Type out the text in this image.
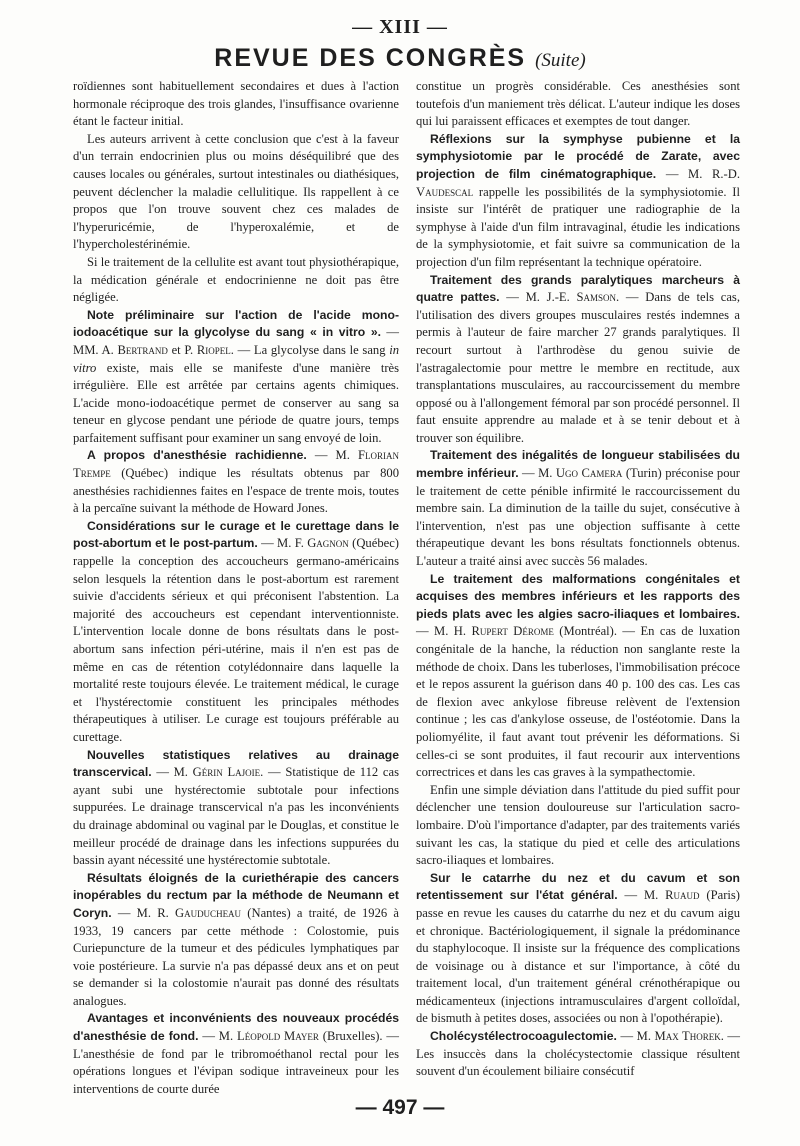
— XIII —
REVUE DES CONGRÈS (Suite)

roïdiennes sont habituellement secondaires et dues à l'action hormonale réciproque des trois glandes, l'insuffisance ovarienne étant le facteur initial.

Les auteurs arrivent à cette conclusion que c'est à la faveur d'un terrain endocrinien plus ou moins déséquilibré que des causes locales ou générales, surtout intestinales ou diathésiques, peuvent déclencher la maladie cellulitique. Ils rappellent à ce propos que l'on trouve souvent chez ces malades de l'hyperuricémie, de l'hyperoxalémie, et de l'hypercholestérinémie.

Si le traitement de la cellulite est avant tout physiothérapique, la médication générale et endocrinienne ne doit pas être négligée.

Note préliminaire sur l'action de l'acide mono-iodoacétique sur la glycolyse du sang « in vitro ». — MM. A. Bertrand et P. Riopel. — La glycolyse dans le sang in vitro existe, mais elle se manifeste d'une manière très irrégulière. Elle est arrêtée par certains agents chimiques. L'acide mono-iodoacétique permet de conserver au sang sa teneur en glycose pendant une période de quatre jours, temps parfaitement suffisant pour examiner un sang envoyé de loin.

A propos d'anesthésie rachidienne. — M. Florian Trempe (Québec) indique les résultats obtenus par 800 anesthésies rachidiennes faites en l'espace de trente mois, toutes à la percaïne suivant la méthode de Howard Jones.

Considérations sur le curage et le curettage dans le post-abortum et le post-partum. — M. F. Gagnon (Québec) rappelle la conception des accoucheurs germano-américains selon lesquels la rétention dans le post-abortum est rarement suivie d'accidents sérieux et qui préconisent l'abstention. La majorité des accoucheurs est cependant interventionniste. L'intervention locale donne de bons résultats dans le post-abortum sans infection péri-utérine, mais il n'en est pas de même en cas de rétention cotylédonnaire dans laquelle la mortalité reste toujours élevée. Le traitement médical, le curage et l'hystérectomie constituent les principales méthodes thérapeutiques à utiliser. Le curage est toujours préférable au curettage.

Nouvelles statistiques relatives au drainage transcervical. — M. Gérin Lajoie. — Statistique de 112 cas ayant subi une hystérectomie subtotale pour infections suppurées. Le drainage transcervical n'a pas les inconvénients du drainage abdominal ou vaginal par le Douglas, et constitue le meilleur procédé de drainage dans les infections suppurées du bassin ayant nécessité une hystérectomie subtotale.

Résultats éloignés de la curiethérapie des cancers inopérables du rectum par la méthode de Neumann et Coryn. — M. R. Gauducheau (Nantes) a traité, de 1926 à 1933, 19 cancers par cette méthode : Colostomie, puis Curiepuncture de la tumeur et des pédicules lymphatiques par voie postérieure. La survie n'a pas dépassé deux ans et on peut se demander si la colostomie n'aurait pas donné des résultats analogues.

Avantages et inconvénients des nouveaux procédés d'anesthésie de fond. — M. Léopold Mayer (Bruxelles). — L'anesthésie de fond par le tribromoéthanol rectal pour les opérations longues et l'évipan sodique intraveineux pour les interventions de courte durée

constitue un progrès considérable. Ces anesthésies sont toutefois d'un maniement très délicat. L'auteur indique les doses qui lui paraissent efficaces et exemptes de tout danger.

Réflexions sur la symphyse pubienne et la symphysiotomie par le procédé de Zarate, avec projection de film cinématographique. — M. R.-D. Vaudescal rappelle les possibilités de la symphysiotomie. Il insiste sur l'intérêt de pratiquer une radiographie de la symphyse à l'aide d'un film intravaginal, étudie les indications de la symphysiotomie, et fait suivre sa communication de la projection d'un film représentant la technique opératoire.

Traitement des grands paralytiques marcheurs à quatre pattes. — M. J.-E. Samson. — Dans de tels cas, l'utilisation des divers groupes musculaires restés indemnes a permis à l'auteur de faire marcher 27 grands paralytiques. Il recourt surtout à l'arthrodèse du genou suivie de l'astragalectomie pour mettre le membre en rectitude, aux transplantations musculaires, au raccourcissement du membre opposé ou à l'allongement fémoral par son procédé personnel. Il faut ensuite apprendre au malade et à se tenir debout et à trouver son équilibre.

Traitement des inégalités de longueur stabilisées du membre inférieur. — M. Ugo Camera (Turin) préconise pour le traitement de cette pénible infirmité le raccourcissement du membre sain. La diminution de la taille du sujet, consécutive à l'intervention, n'est pas une objection suffisante à cette thérapeutique devant les bons résultats fonctionnels obtenus. L'auteur a traité ainsi avec succès 56 malades.

Le traitement des malformations congénitales et acquises des membres inférieurs et les rapports des pieds plats avec les algies sacro-iliaques et lombaires. — M. H. Rupert Dérome (Montréal). — En cas de luxation congénitale de la hanche, la réduction non sanglante reste la méthode de choix. Dans les tuberloses, l'immobilisation précoce et le repos assurent la guérison dans 40 p. 100 des cas. Les cas de flexion avec ankylose fibreuse relèvent de l'extension continue ; les cas d'ankylose osseuse, de l'ostéotomie. Dans la poliomyélite, il faut avant tout prévenir les déformations. Si celles-ci se sont produites, il faut recourir aux interventions correctrices et dans les cas graves à la sympathectomie.

Enfin une simple déviation dans l'attitude du pied suffit pour déclencher une tension douloureuse sur l'articulation sacro-lombaire. D'où l'importance d'adapter, par des traitements variés suivant les cas, la statique du pied et celle des articulations sacro-iliaques et lombaires.

Sur le catarrhe du nez et du cavum et son retentissement sur l'état général. — M. Ruaud (Paris) passe en revue les causes du catarrhe du nez et du cavum aigu et chronique. Bactériologiquement, il signale la prédominance du staphylocoque. Il insiste sur la fréquence des complications de voisinage ou à distance et sur l'importance, à côté du traitement local, d'un traitement général crénothérapique ou médicamenteux (injections intramusculaires d'argent colloïdal, de bismuth à petites doses, associées ou non à l'opothérapie).

Cholécystélectrocoagulectomie. — M. Max Thorek. — Les insuccès dans la cholécystectomie classique résultent souvent d'un écoulement biliaire consécutif

— 497 —
